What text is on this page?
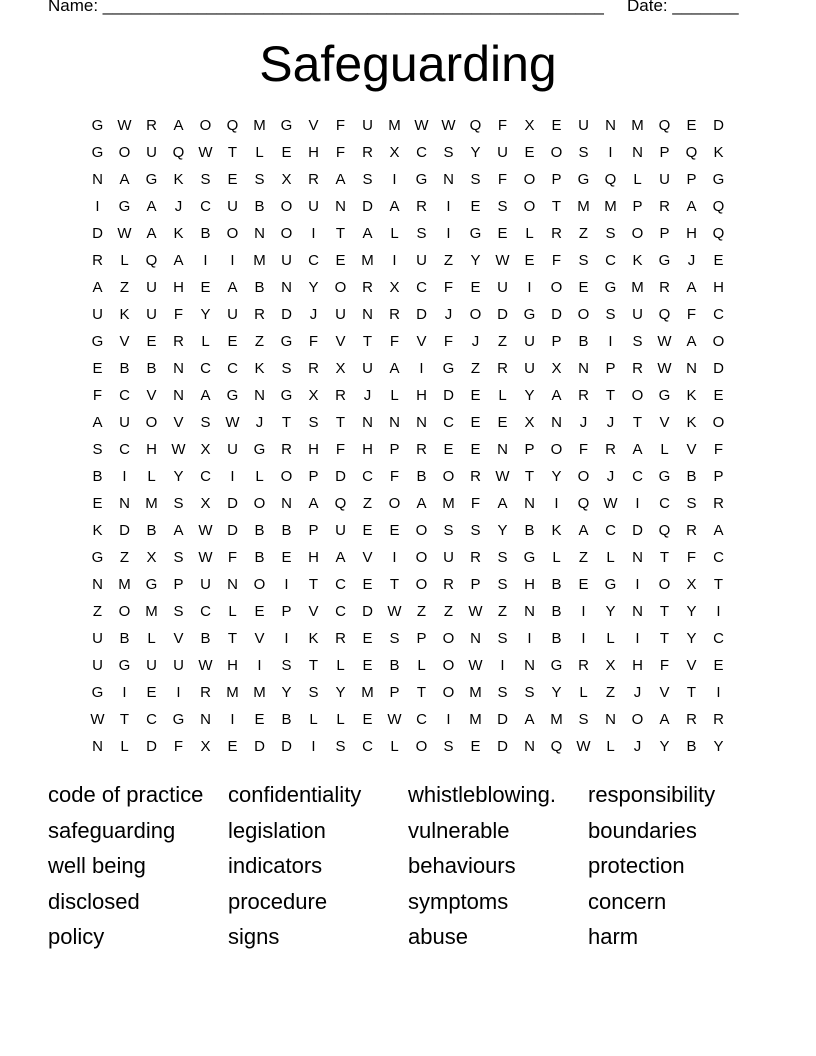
Name: _____________________________________________________ Date: _______
Safeguarding
G W R	A	O	Q M G	V	F	U	M W W Q	F	X	E	U	N	M Q	E	D
G	O	U	Q W	T	L	E	H	F	R	X	C	S	Y	U	E	O	S	I	N	P	Q	K
N	A	G	K	S	E	S	X	R	A	S	I	G	N	S	F	O	P	G	Q	L	U	P	G
I	G	A	J	C	U	B	O	U	N	D	A	R	I	E	S	O	T	M M	P	R	A	Q
D W A	K	B	O	N	O	I	T	A	L	S	I	G	E	L	R	Z	S	O	P	H	Q
R	L	Q	A	I	I	M	U	C	E	M	I	U	Z	Y W E	F	S	C	K	G	J	E
A	Z	U	H	E	A	B	N	Y	O	R	X	C	F	E	U	I	O	E	G M	R	A	H
U	K	U	F	Y	U	R	D	J	U	N	R	D	J	O	D	G	D	O	S	U	Q	F	C
G	V	E	R	L	E	Z	G	F	V	T	F	V	F	J	Z	U	P	B	I	S W A	O
E	B	B	N	C	C	K	S	R	X	U	A	I	G	Z	R	U	X	N	P	R W N	D
F	C	V	N	A	G	N	G	X	R	J	L	H	D	E	L	Y	A	R	T	O	G	K	E
A	U	O	V	S W	J	T	S	T	N	N	N	C	E	E	X	N	J	J	T	V	K	O
S	C	H W X	U	G	R	H	F	H	P	R	E	E	N	P	O	F	R	A	L	V	F
B	I	L	Y	C	I	L	O	P	D	C	F	B	O	R W	T	Y	O	J	C	G	B	P
E	N	M	S	X	D	O	N	A	Q	Z	O	A	M	F	A	N	I	Q W	I	C	S	R
K	D	B	A W D	B	B	P	U	E	E	O	S	S	Y	B	K	A	C	D	Q	R	A
G	Z	X	S W	F	B	E	H	A	V	I	O	U	R	S	G	L	Z	L	N	T	F	C
N	M G	P	U	N	O	I	T	C	E	T	O	R	P	S	H	B	E	G	I	O	X	T
Z	O M	S	C	L	E	P	V	C	D W	Z	Z	W	Z	N	B	I	Y	N	T	Y	I
U	B	L	V	B	T	V	I	K	R	E	S	P	O	N	S	I	B	I	L	I	T	Y	C
U	G	U	U W H	I	S	T	L	E	B	L	O W	I	N	G	R	X	H	F	V	E
G	I	E	I	R	M M	Y	S	Y	M	P	T	O M	S	S	Y	L	Z	J	V	T	I
W	T	C	G	N	I	E	B	L	L	E W C	I	M	D	A	M	S	N	O	A	R	R
N	L	D	F	X	E	D	D	I	S	C	L	O	S	E	D	N	Q W	L	J	Y	B	Y
code of practice	confidentiality	whistleblowing.	responsibility
safeguarding	legislation	vulnerable	boundaries
well being	indicators	behaviours	protection
disclosed	procedure	symptoms	concern
policy	signs	abuse	harm
